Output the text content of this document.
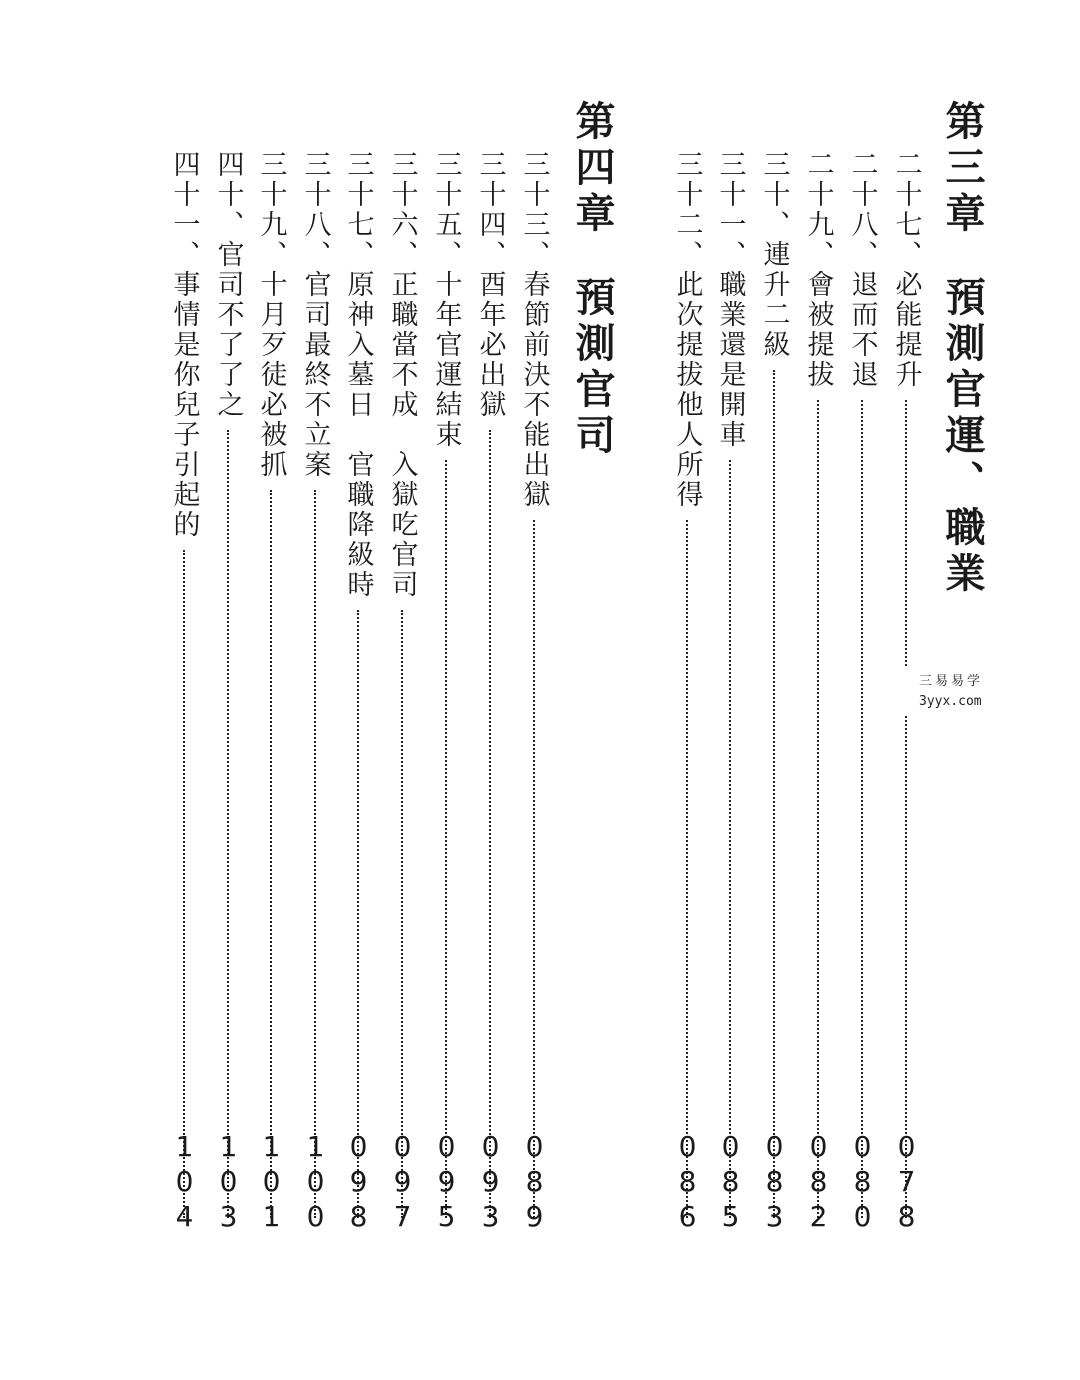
第三章預測官運、職業
二十七、必能提升
078
二十八、退而不退
080
二十九、會被提拔
082
三十、連升二級
083
三十一、職業還是開車
085
三十二、此次提拔他人所得
086
第四章預測官司
三十三、春節前決不能出獄
089
三十四、酉年必出獄
093
三十五、十年官運結束
095
三十六、正職當不成　入獄吃官司
097
三十七、原神入墓日　官職降級時
098
三十八、官司最終不立案
100
三十九、十月歹徒必被抓
101
四十、官司不了了之
103
四十一、事情是你兒子引起的
104
三易易学
3yyx.com
